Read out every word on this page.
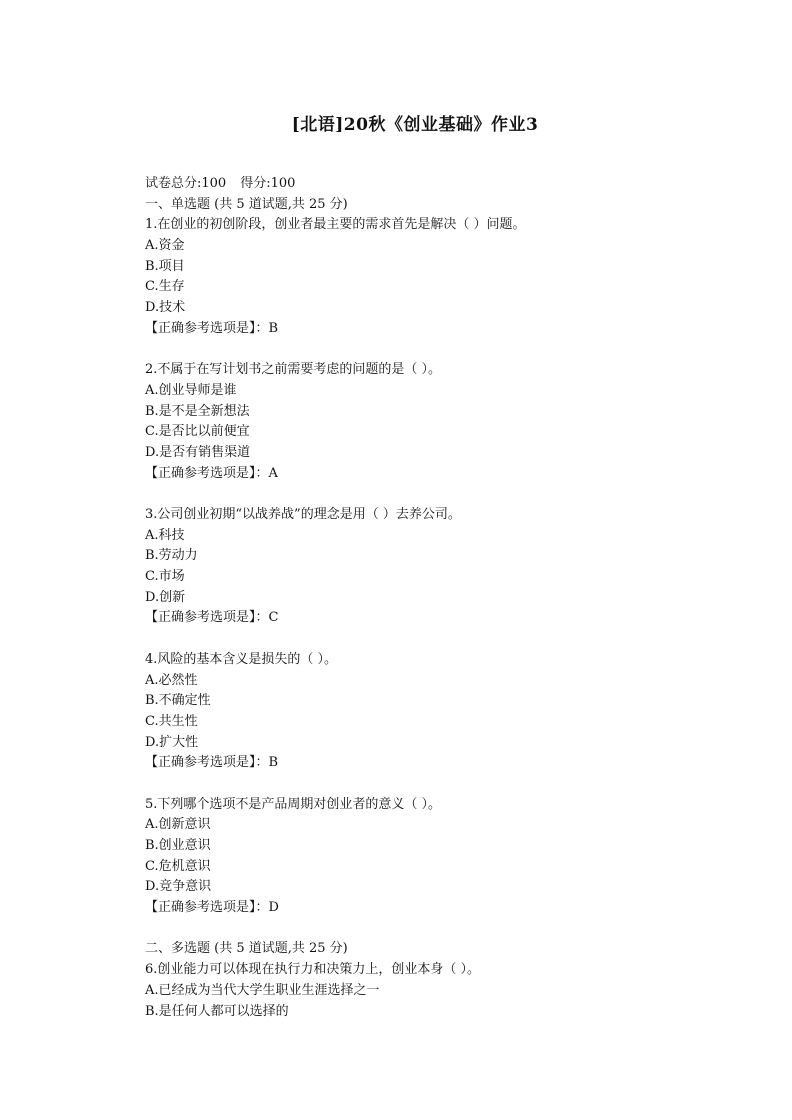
[北语]20秋《创业基础》作业3
试卷总分:100 得分:100
一、单选题 (共 5 道试题,共 25 分)
1.在创业的初创阶段，创业者最主要的需求首先是解决（ ）问题。
A.资金
B.项目
C.生存
D.技术
【正确参考选项是】：B
2.不属于在写计划书之前需要考虑的问题的是（ ）。
A.创业导师是谁
B.是不是全新想法
C.是否比以前便宜
D.是否有销售渠道
【正确参考选项是】：A
3.公司创业初期“以战养战”的理念是用（ ）去养公司。
A.科技
B.劳动力
C.市场
D.创新
【正确参考选项是】：C
4.风险的基本含义是损失的（ ）。
A.必然性
B.不确定性
C.共生性
D.扩大性
【正确参考选项是】：B
5.下列哪个选项不是产品周期对创业者的意义（ ）。
A.创新意识
B.创业意识
C.危机意识
D.竞争意识
【正确参考选项是】：D
二、多选题 (共 5 道试题,共 25 分)
6.创业能力可以体现在执行力和决策力上，创业本身（ ）。
A.已经成为当代大学生职业生涯选择之一
B.是任何人都可以选择的
